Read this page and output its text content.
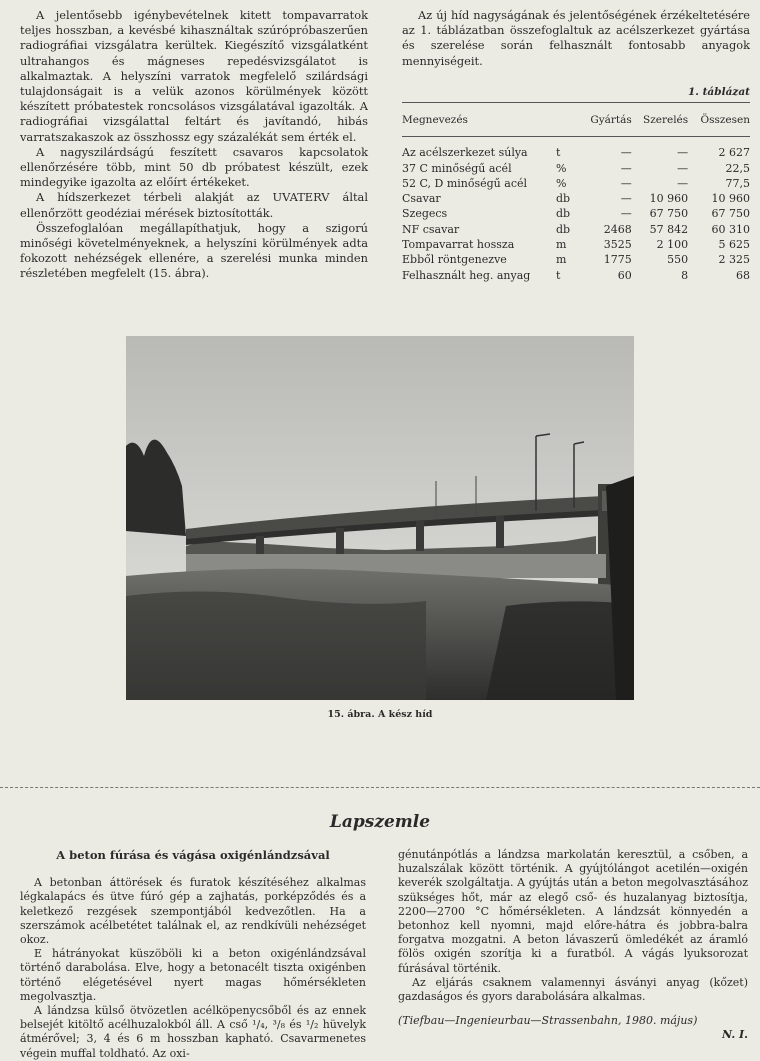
A jelentősebb igénybevételnek kitett tompavarratok teljes hosszban, a kevésbé kihasználtak szúrópróbaszerűen radiográfiai vizsgálatra kerültek. Kiegészítő vizsgálatként ultrahangos és mágneses repedésvizsgálatot is alkalmaztak. A helyszíni varratok megfelelő szilárdsági tulajdonságait is a velük azonos körülmények között készített próbatestek roncsolásos vizsgálatával igazolták. A radiográfiai vizsgálattal feltárt és javítandó, hibás varratszakaszok az összhossz egy százalékát sem érték el.

A nagyszilárdságú feszített csavaros kapcsolatok ellenőrzésére több, mint 50 db próbatest készült, ezek mindegyike igazolta az előírt értékeket.

A hídszerkezet térbeli alakját az UVATERV által ellenőrzött geodéziai mérések biztosították.

Összefoglalóan megállapíthatjuk, hogy a szigorú minőségi követelményeknek, a helyszíni körülmények adta fokozott nehézségek ellenére, a szerelési munka minden részletében megfelelt (15. ábra).

Az új híd nagyságának és jelentőségének érzékeltetésére az 1. táblázatban összefoglaltuk az acélszerkezet gyártása és szerelése során felhasznált fontosabb anyagok mennyiségeit.

1. táblázat
Megnevezés		Gyártás	Szerelés	Összesen
Az acélszerkezet súlya	t	—	—	2 627
37 C minőségű acél	%	—	—	22,5
52 C, D minőségű acél	%	—	—	77,5
Csavar	db	—	10 960	10 960
Szegecs	db	—	67 750	67 750
NF csavar	db	2468	57 842	60 310
Tompavarrat hossza	m	3525	2 100	5 625
Ebből röntgenezve	m	1775	550	2 325
Felhasznált heg. anyag	t	60	8	68
15. ábra. A kész híd
Lapszemle
A beton fúrása és vágása oxigénlándzsával

A betonban áttörések és furatok készítéséhez alkalmas légkalapács és ütve fúró gép a zajhatás, porképződés és a keletkező rezgések szempontjából kedvezőtlen. Ha a szerszámok acélbetétet találnak el, az rendkívüli nehézséget okoz.

E hátrányokat küszöböli ki a beton oxigénlándzsával történő darabolása. Elve, hogy a betonacélt tiszta oxigénben történő elégetésével nyert magas hőmérsékleten megolvasztja.

A lándzsa külső ötvözetlen acélköpenycsőből és az ennek belsejét kitöltő acélhuzalokból áll. A cső ¹/₄, ³/₈ és ¹/₂ hüvelyk átmérővel; 3, 4 és 6 m hosszban kapható. Csavarmenetes végein muffal toldható. Az oxi-

génutánpótlás a lándzsa markolatán keresztül, a csőben, a huzalszálak között történik. A gyújtólángot acetilén—oxigén keverék szolgáltatja. A gyújtás után a beton megolvasztásához szükséges hőt, már az elegő cső- és huzalanyag biztosítja, 2200—2700 °C hőmérsékleten. A lándzsát könnyedén a betonhoz kell nyomni, majd előre-hátra és jobbra-balra forgatva mozgatni. A beton lávaszerű ömledékét az áramló fölös oxigén szorítja ki a furatból. A vágás lyuksorozat fúrásával történik.

Az eljárás csaknem valamennyi ásványi anyag (kőzet) gazdaságos és gyors darabolására alkalmas.

(Tiefbau—Ingenieurbau—Strassenbahn, 1980. május)

N. I.
